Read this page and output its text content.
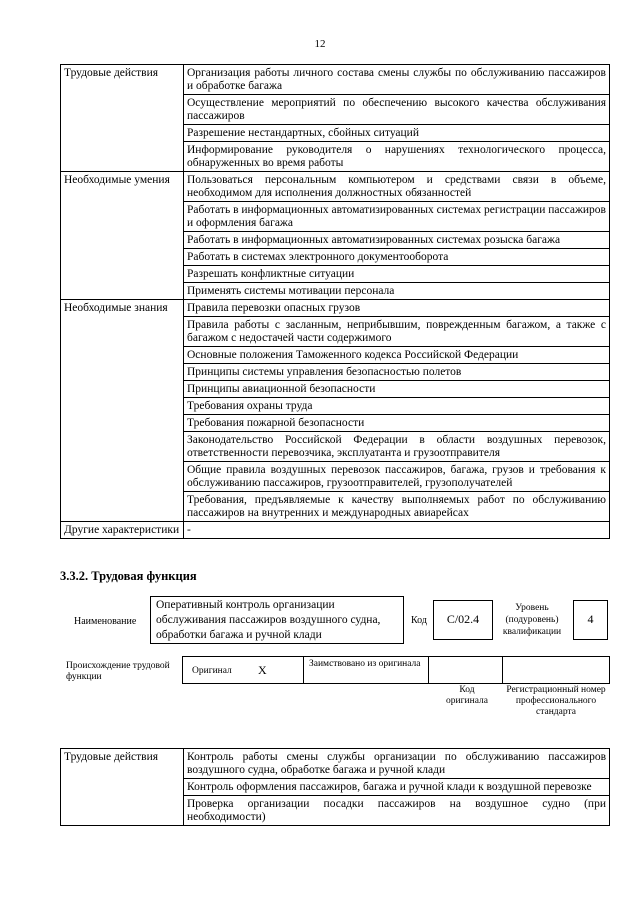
12
Трудовые действия	Организация работы личного состава смены службы по обслуживанию пассажиров и обработке багажа
	Осуществление мероприятий по обеспечению высокого качества обслуживания пассажиров
	Разрешение нестандартных, сбойных ситуаций
	Информирование руководителя о нарушениях технологического процесса, обнаруженных во время работы
Необходимые умения	Пользоваться персональным компьютером и средствами связи в объеме, необходимом для исполнения должностных обязанностей
	Работать в информационных автоматизированных системах регистрации пассажиров и оформления багажа
	Работать в информационных автоматизированных системах розыска багажа
	Работать в системах электронного документооборота
	Разрешать конфликтные ситуации
	Применять системы мотивации персонала
Необходимые знания	Правила перевозки опасных грузов
	Правила работы с засланным, неприбывшим, поврежденным багажом, а также с багажом с недостачей части содержимого
	Основные положения Таможенного кодекса Российской Федерации
	Принципы системы управления безопасностью полетов
	Принципы авиационной безопасности
	Требования охраны труда
	Требования пожарной безопасности
	Законодательство Российской Федерации в области воздушных перевозок, ответственности перевозчика, эксплуатанта и грузоотправителя
	Общие правила воздушных перевозок пассажиров, багажа, грузов и требования к обслуживанию пассажиров, грузоотправителей, грузополучателей
	Требования, предъявляемые к качеству выполняемых работ по обслуживанию пассажиров на внутренних и международных авиарейсах
Другие характеристики	-
3.3.2. Трудовая функция
Наименование
Оперативный контроль организации обслуживания пассажиров воздушного судна, обработки багажа и ручной клади
Код	С/02.4
Уровень (подуровень) квалификации
4
Происхождение трудовой функции
Оригинал X	Заимствовано из оригинала
Код оригинала
Регистрационный номер профессионального стандарта
Трудовые действия	Контроль работы смены службы организации по обслуживанию пассажиров воздушного судна, обработке багажа и ручной клади
Контроль оформления пассажиров, багажа и ручной клади к воздушной перевозке
Проверка организации посадки пассажиров на воздушное судно (при необходимости)
